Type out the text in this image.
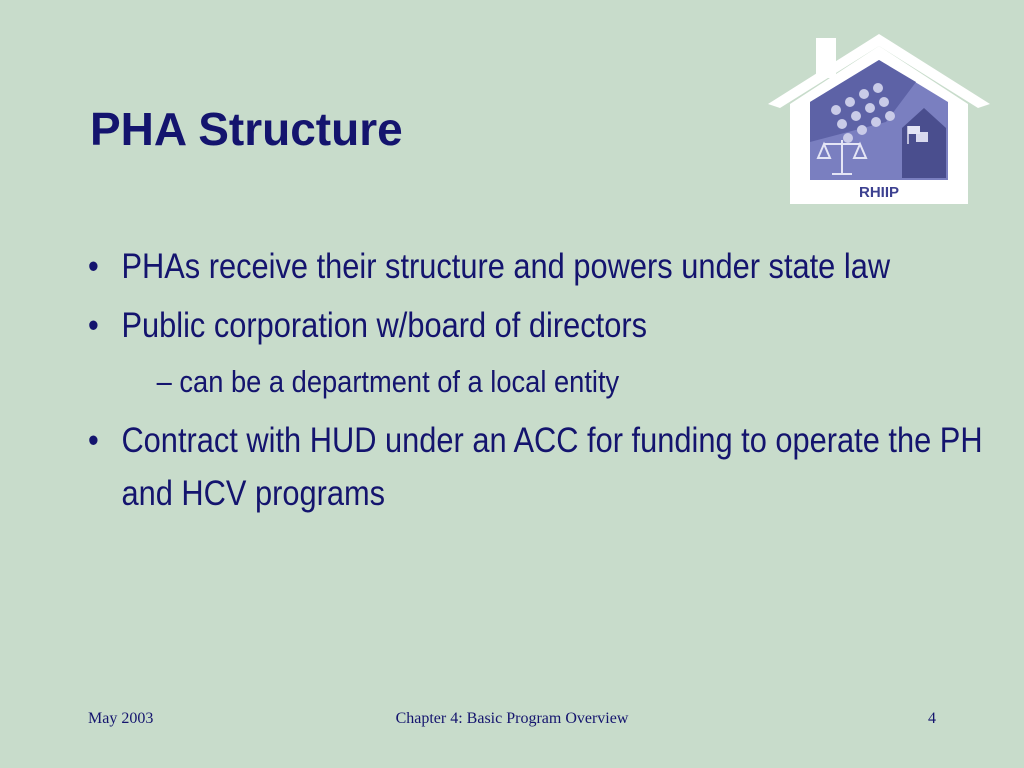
PHA Structure
RHIIP
• PHAs receive their structure and powers under state law
• Public corporation w/board of directors
– can be a department of a local entity
• Contract with HUD under an ACC for funding to operate the PH and HCV programs
May 2003	Chapter 4: Basic Program Overview	4
